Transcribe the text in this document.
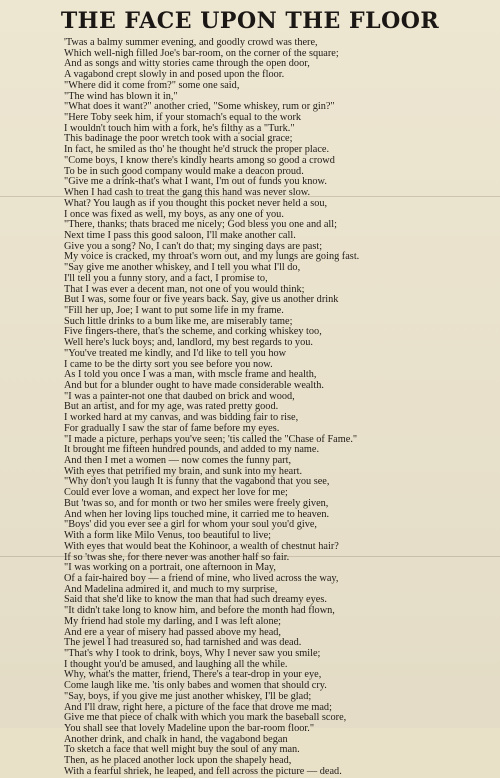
THE FACE UPON THE FLOOR
'Twas a balmy summer evening, and goodly crowd was there,
Which well-nigh filled Joe's bar-room, on the corner of the square;
And as songs and witty stories came through the open door,
A vagabond crept slowly in and posed upon the floor.
"Where did it come from?" some one said,
"The wind has blown it in,"
"What does it want?" another cried, "Some whiskey, rum or gin?"
"Here Toby seek him, if your stomach's equal to the work
I wouldn't touch him with a fork, he's filthy as a "Turk."
This badinage the poor wretch took with a social grace;
In fact, he smiled as tho' he thought he'd struck the proper place.
"Come boys, I know there's kindly hearts among so good a crowd
To be in such good company would make a deacon proud.
"Give me a drink-that's what I want, I'm out of funds you know.
When I had cash to treat the gang this hand was never slow.
What? You laugh as if you thought this pocket never held a sou,
I once was fixed as well, my boys, as any one of you.
"There, thanks; thats braced me nicely; God bless you one and all;
Next time I pass this good saloon, I'll make another call.
Give you a song? No, I can't do that; my singing days are past;
My voice is cracked, my throat's worn out, and my lungs are going fast.
"Say give me another whiskey, and I tell you what I'll do,
I'll tell you a funny story, and a fact, I promise to,
That I was ever a decent man, not one of you would think;
But I was, some four or five years back. Say, give us another drink
"Fill her up, Joe; I want to put some life in my frame.
Such little drinks to a bum like me, are miserably tame;
Five fingers-there, that's the scheme, and corking whiskey too,
Well here's luck boys; and, landlord, my best regards to you.
"You've treated me kindly, and I'd like to tell you how
I came to be the dirty sort you see before you now.
As I told you once I was a man, with mscle frame and health,
And but for a blunder ought to have made considerable wealth.
"I was a painter-not one that daubed on brick and wood,
But an artist, and for my age, was rated pretty good.
I worked hard at my canvas, and was bidding fair to rise,
For gradually I saw the star of fame before my eyes.
"I made a picture, perhaps you've seen; 'tis called the "Chase of Fame."
It brought me fifteen hundred pounds, and added to my name.
And then I met a women — now comes the funny part,
With eyes that petrified my brain, and sunk into my heart.
"Why don't you laugh It is funny that the vagabond that you see,
Could ever love a woman, and expect her love for me;
But 'twas so, and for month or two her smiles were freely given,
And when her loving lips touched mine, it carried me to heaven.
"Boys' did you ever see a girl for whom your soul you'd give,
With a form like Milo Venus, too beautiful to live;
With eyes that would beat the Kohinoor, a wealth of chestnut hair?
If so 'twas she, for there never was another half so fair.
"I was working on a portrait, one afternoon in May,
Of a fair-haired boy — a friend of mine, who lived across the way,
And Madelina admired it, and much to my surprise,
Said that she'd like to know the man that had such dreamy eyes.
"It didn't take long to know him, and before the month had flown,
My friend had stole my darling, and I was left alone;
And ere a year of misery had passed above my head,
The jewel I had treasured so, had tarnished and was dead.
"That's why I took to drink, boys, Why I never saw you smile;
I thought you'd be amused, and laughing all the while.
Why, what's the matter, friend, There's a tear-drop in your eye,
Come laugh like me. 'tis only babes and women that should cry.
"Say, boys, if you give me just another whiskey, I'll be glad;
And I'll draw, right here, a picture of the face that drove me mad;
Give me that piece of chalk with which you mark the baseball score,
You shall see that lovely Madeline upon the bar-room floor."
Another drink, and chalk in hand, the vagabond began
To sketch a face that well might buy the soul of any man.
Then, as he placed another lock upon the shapely head,
With a fearful shriek, he leaped, and fell across the picture — dead.
